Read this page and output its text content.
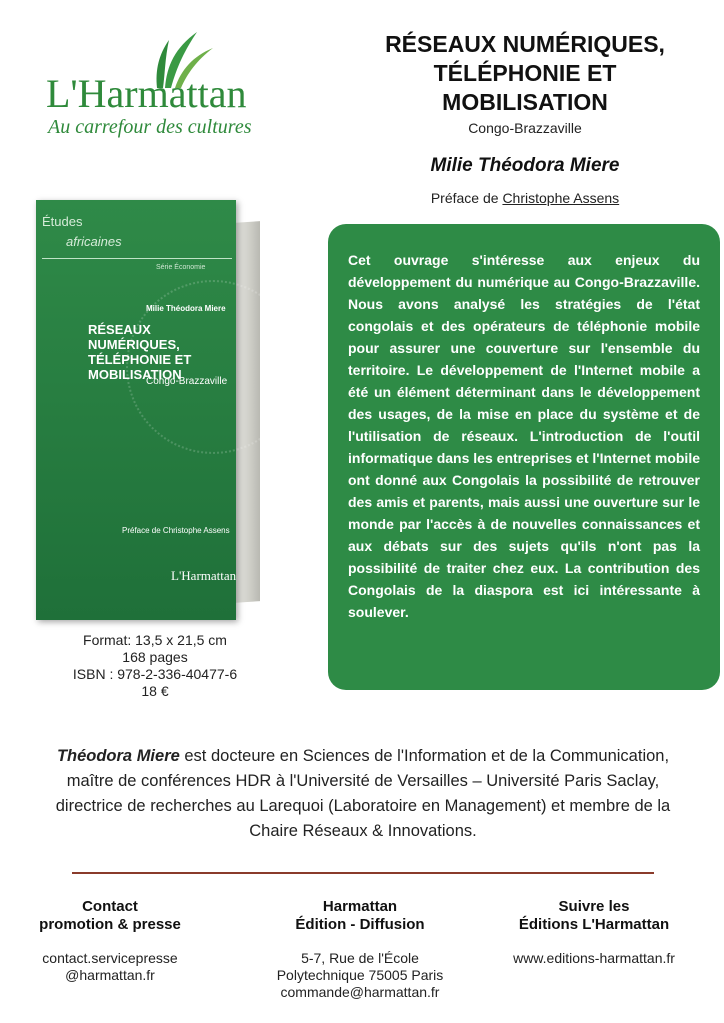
L'Harmattan
Au carrefour des cultures
RÉSEAUX NUMÉRIQUES,
TÉLÉPHONIE ET
MOBILISATION
Congo-Brazzaville
Milie Théodora Miere
Préface de Christophe Assens
Études
africaines
Série Économie
Milie Théodora Miere
RÉSEAUX NUMÉRIQUES, TÉLÉPHONIE ET MOBILISATION
Congo-Brazzaville
Préface de Christophe Assens
L'Harmattan
Format: 13,5 x 21,5 cm
168 pages
ISBN : 978-2-336-40477-6
18 €

Cet ouvrage s'intéresse aux enjeux du développement du numérique au Congo-Brazzaville. Nous avons analysé les stratégies de l'état congolais et des opérateurs de téléphonie mobile pour assurer une couverture sur l'ensemble du territoire. Le développement de l'Internet mobile a été un élément déterminant dans le développement des usages, de la mise en place du système et de l'utilisation de réseaux. L'introduction de l'outil informatique dans les entreprises et l'Internet mobile ont donné aux Congolais la possibilité de retrouver des amis et parents, mais aussi une ouverture sur le monde par l'accès à de nouvelles connaissances et aux débats sur des sujets qu'ils n'ont pas la possibilité de traiter chez eux. La contribution des Congolais de la diaspora est ici intéressante à soulever.

Théodora Miere est docteure en Sciences de l'Information et de la Communication, maître de conférences HDR à l'Université de Versailles – Université Paris Saclay, directrice de recherches au Larequoi (Laboratoire en Management) et membre de la Chaire Réseaux & Innovations.
Contact
promotion & presse
contact.servicepresse
@harmattan.fr
Harmattan
Édition - Diffusion
5-7, Rue de l'École
Polytechnique 75005 Paris
commande@harmattan.fr
Suivre les
Éditions L'Harmattan
www.editions-harmattan.fr
